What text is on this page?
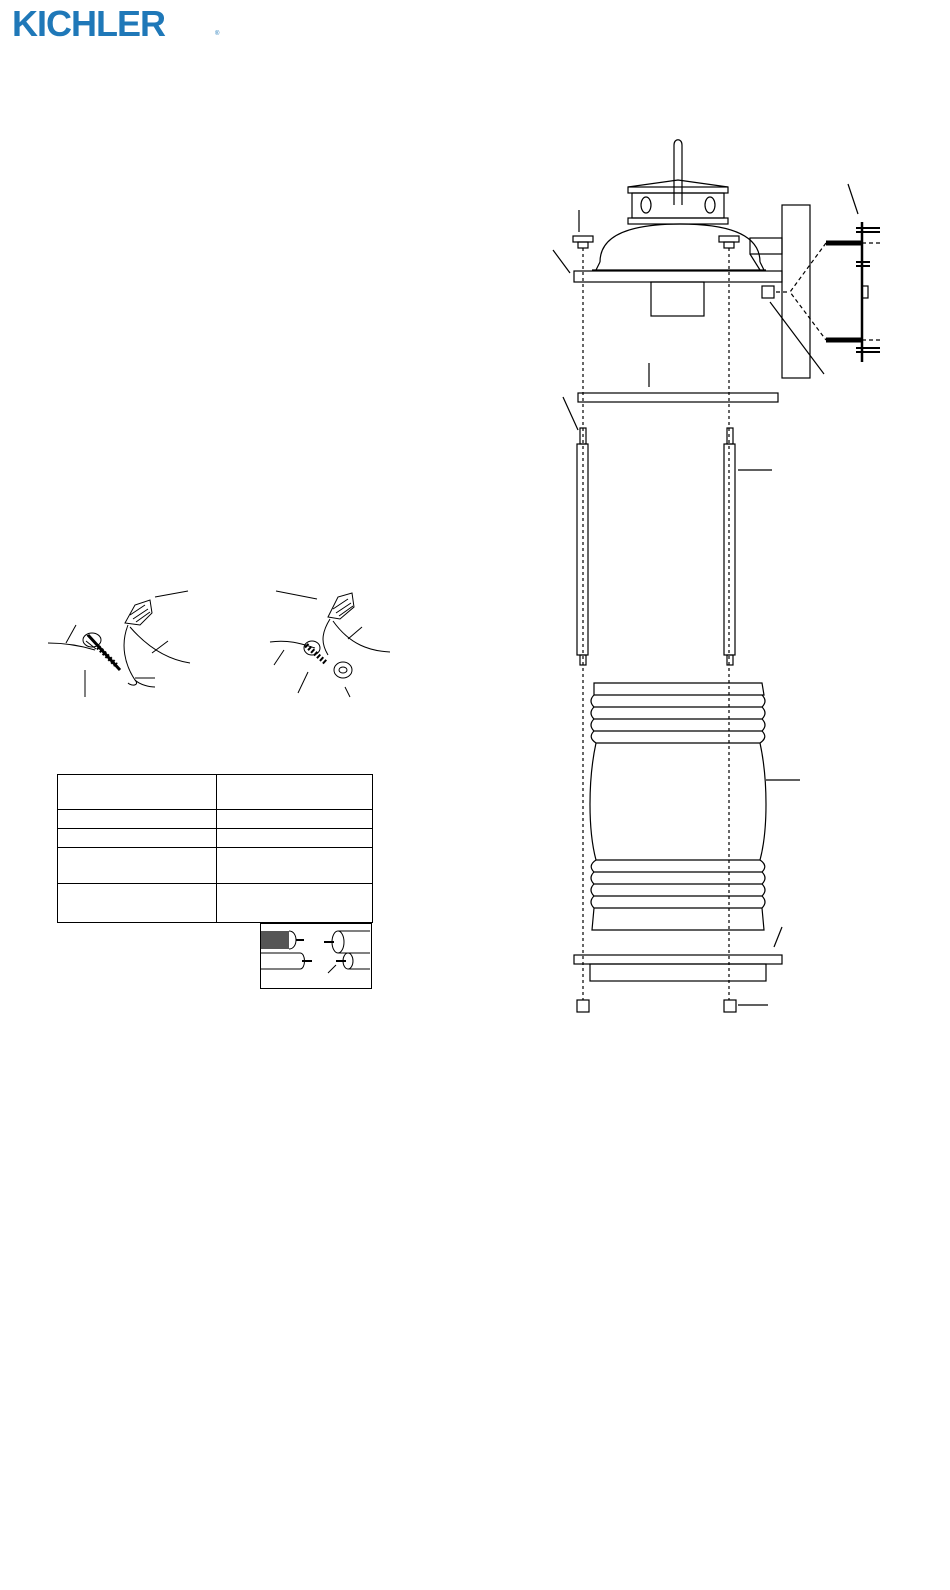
KICHLER	®
